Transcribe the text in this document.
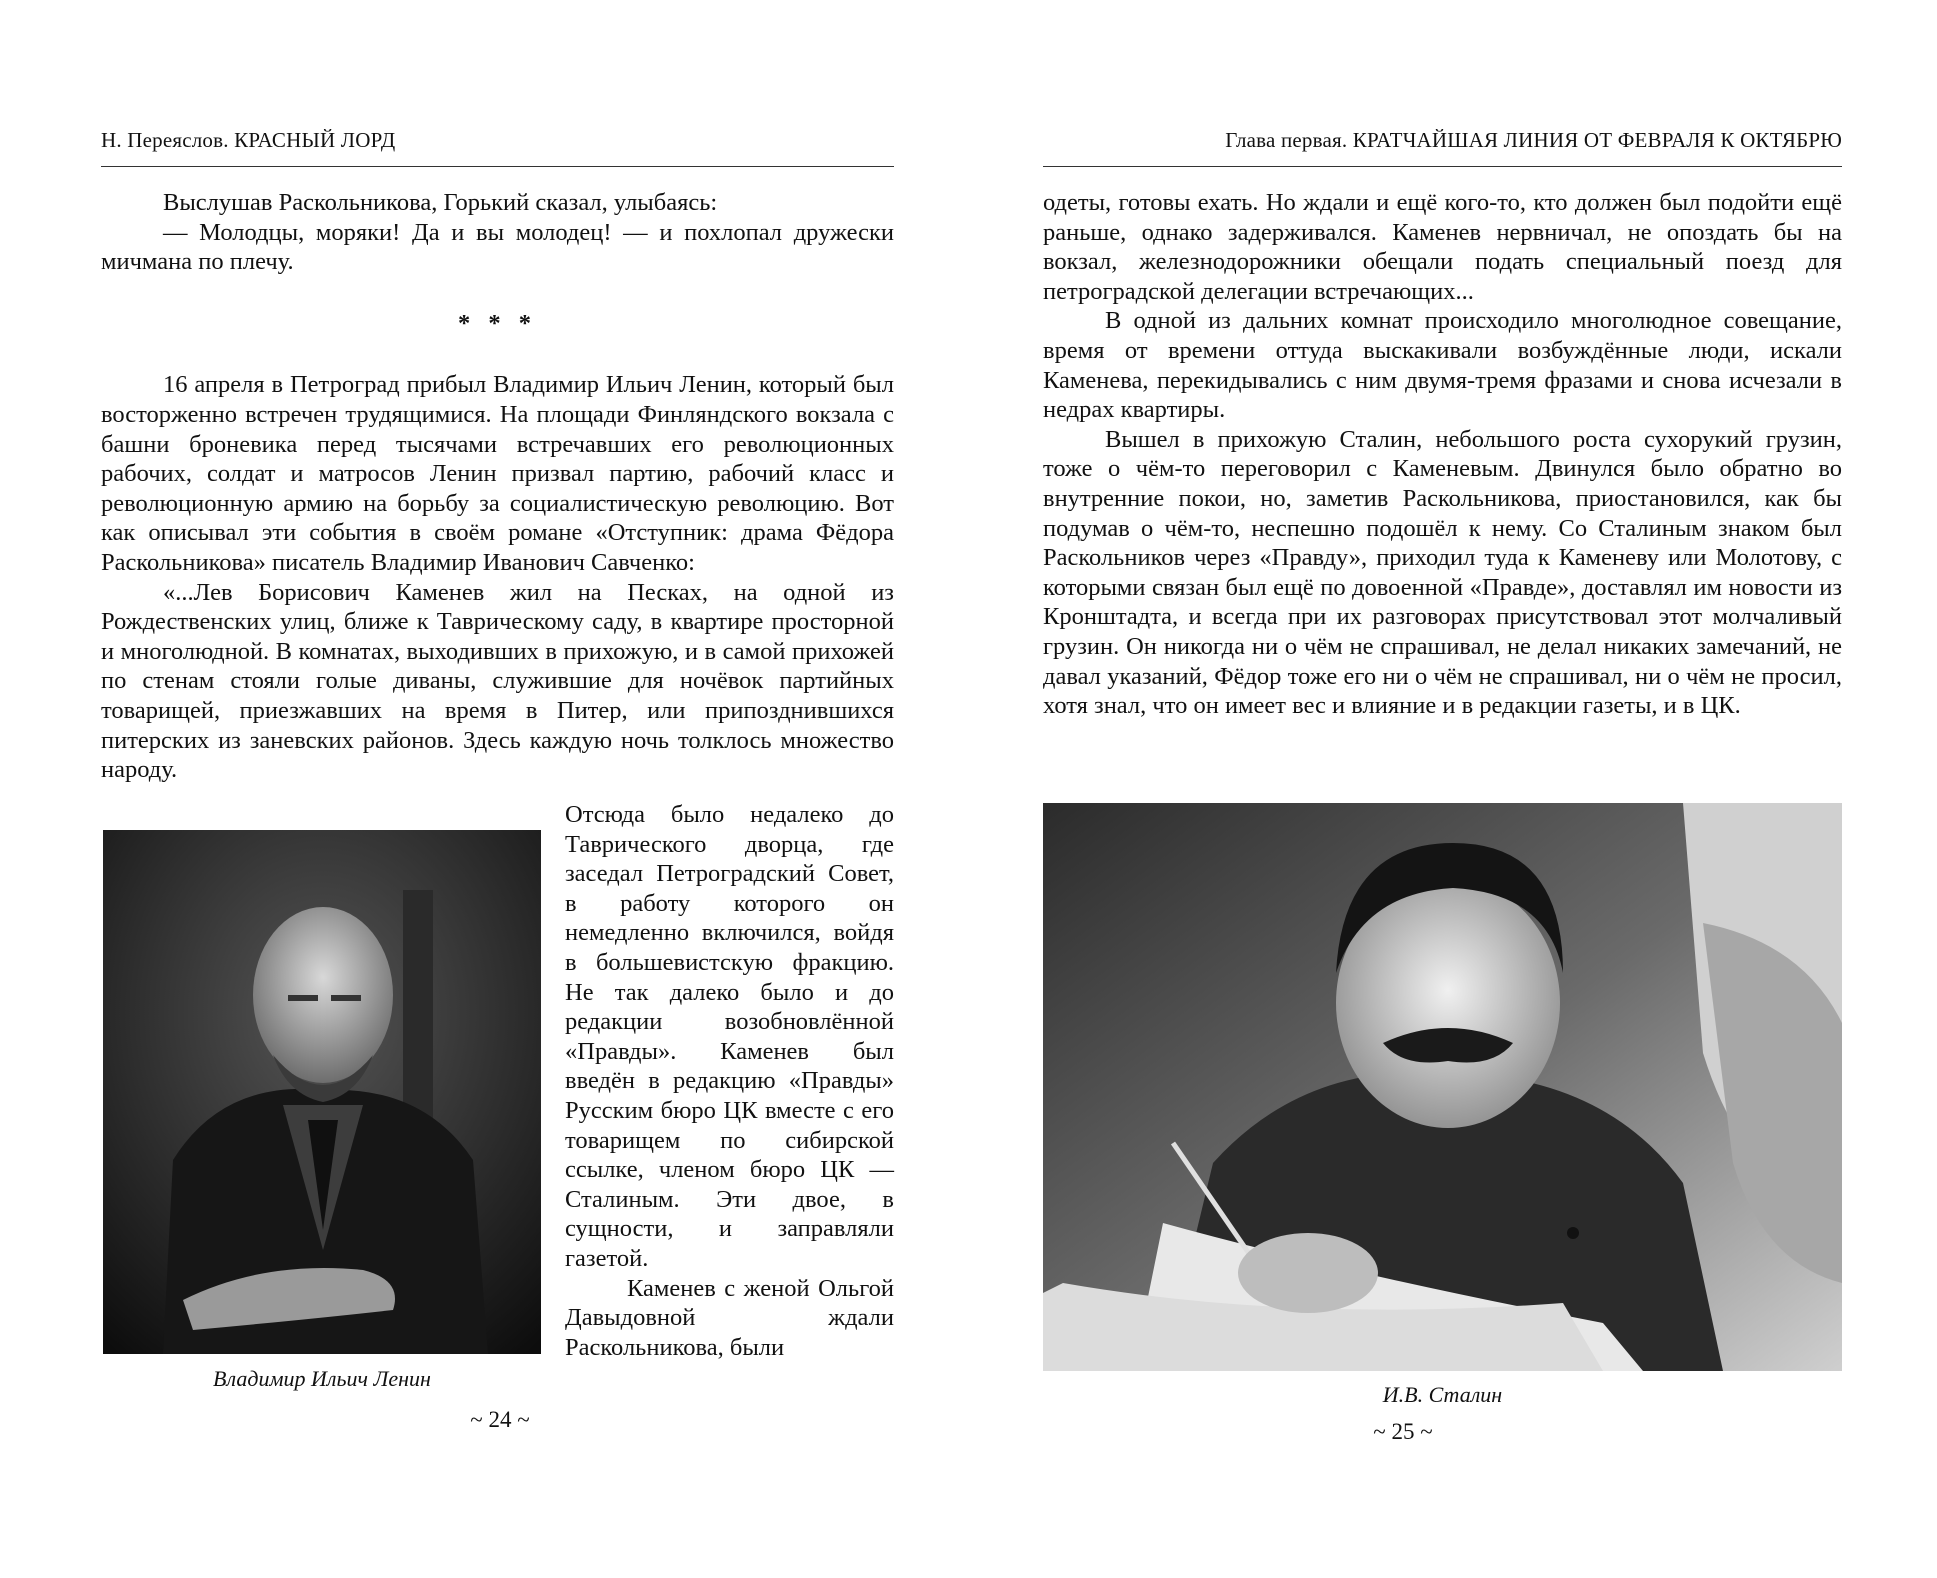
Н. Переяслов. КРАСНЫЙ ЛОРД

Выслушав Раскольникова, Горький сказал, улыбаясь:

— Молодцы, моряки! Да и вы молодец! — и похлопал дружески мичмана по плечу.

* * *

16 апреля в Петроград прибыл Владимир Ильич Ленин, который был восторженно встречен трудящимися. На площади Финляндского вокзала с башни броневика перед тысячами встречавших его революционных рабочих, солдат и матросов Ленин призвал партию, рабочий класс и революционную армию на борьбу за социалистическую революцию. Вот как описывал эти события в своём романе «Отступник: драма Фёдора Раскольникова» писатель Владимир Иванович Савченко:

«...Лев Борисович Каменев жил на Песках, на одной из Рождественских улиц, ближе к Таврическому саду, в квартире просторной и многолюдной. В комнатах, выходивших в прихожую, и в самой прихожей по стенам стояли голые диваны, служившие для ночёвок партийных товарищей, приезжавших на время в Питер, или припозднившихся питерских из заневских районов. Здесь каждую ночь толклось множество народу.

Владимир Ильич Ленин

Отсюда было недалеко до Таврического дворца, где заседал Петроградский Совет, в работу которого он немедленно включился, войдя в большевистскую фракцию. Не так далеко было и до редакции возобновлённой «Правды». Каменев был введён в редакцию «Правды» Русским бюро ЦК вместе с его товарищем по сибирской ссылке, членом бюро ЦК — Сталиным. Эти двое, в сущности, и заправляли газетой.

Каменев с женой Ольгой Давыдовной ждали Раскольникова, были

~ 24 ~
Глава первая. КРАТЧАЙШАЯ ЛИНИЯ ОТ ФЕВРАЛЯ К ОКТЯБРЮ

одеты, готовы ехать. Но ждали и ещё кого-то, кто должен был подойти ещё раньше, однако задерживался. Каменев нервничал, не опоздать бы на вокзал, железнодорожники обещали подать специальный поезд для петроградской делегации встречающих...

В одной из дальних комнат происходило многолюдное совещание, время от времени оттуда выскакивали возбуждённые люди, искали Каменева, перекидывались с ним двумя-тремя фразами и снова исчезали в недрах квартиры.

Вышел в прихожую Сталин, небольшого роста сухорукий грузин, тоже о чём-то переговорил с Каменевым. Двинулся было обратно во внутренние покои, но, заметив Раскольникова, приостановился, как бы подумав о чём-то, неспешно подошёл к нему. Со Сталиным знаком был Раскольников через «Правду», приходил туда к Каменеву или Молотову, с которыми связан был ещё по довоенной «Правде», доставлял им новости из Кронштадта, и всегда при их разговорах присутствовал этот молчаливый грузин. Он никогда ни о чём не спрашивал, не делал никаких замечаний, не давал указаний, Фёдор тоже его ни о чём не спрашивал, ни о чём не просил, хотя знал, что он имеет вес и влияние и в редакции газеты, и в ЦК.

И.В. Сталин
~ 25 ~
